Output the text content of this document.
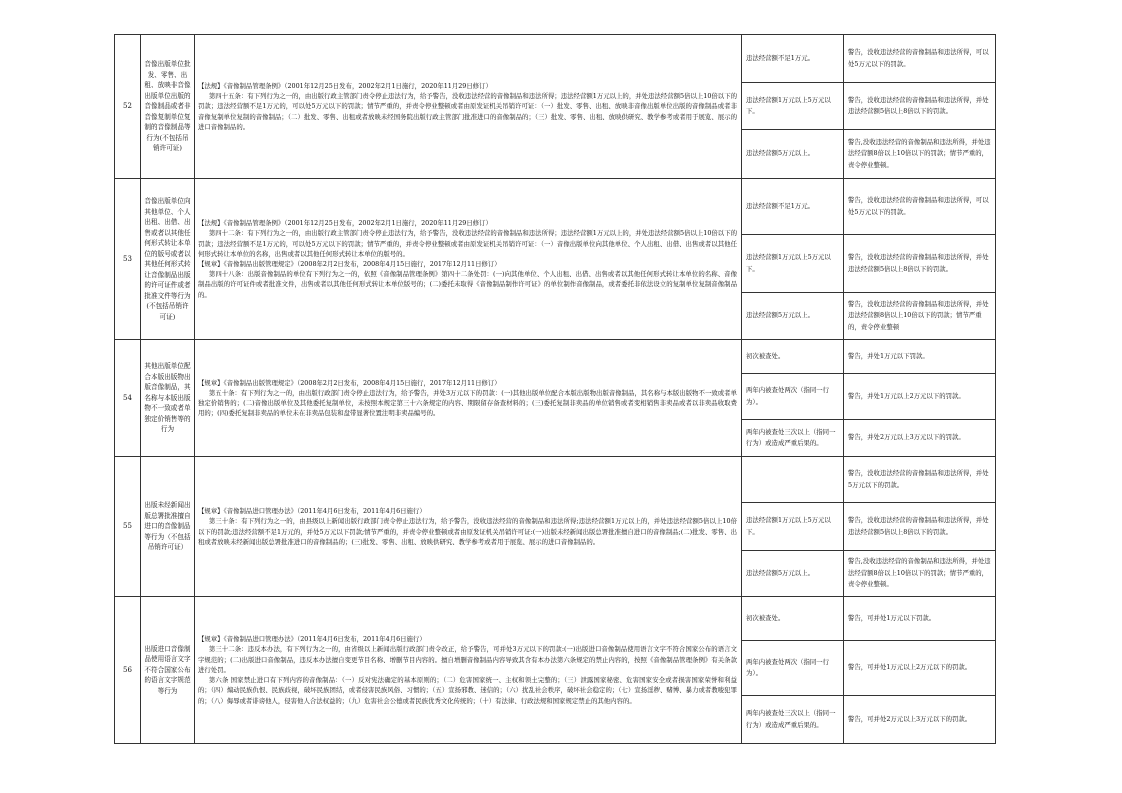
52	音像出版单位批发、零售、出租、放映非音像出版单位出版的音像制品或者非音像复制单位复制的音像制品等行为(不包括吊销许可证)	【法规】《音像制品管理条例》（2001年12月25日发布，2002年2月1日施行，2020年11月29日修订）

第四十五条：有下列行为之一的，由出版行政主管部门责令停止违法行为，给予警告，没收违法经营的音像制品和违法所得；违法经营额1万元以上的，并处违法经营额5倍以上10倍以下的罚款；违法经营额不足1万元的，可以处5万元以下的罚款；情节严重的，并责令停业整顿或者由原发证机关吊销许可证：（一）批发、零售、出租、放映非音像出版单位出版的音像制品或者非音像复制单位复制的音像制品；（二）批发、零售、出租或者放映未经国务院出版行政主管部门批准进口的音像制品的；（三）批发、零售、出租、放映供研究、教学参考或者用于展览、展示的进口音像制品的。	违法经营额不足1万元。	警告，没收违法经营的音像制品和违法所得，可以处5万元以下的罚款。
			违法经营额1万元以上5万元以下。	警告，没收违法经营的音像制品和违法所得，并处违法经营额5倍以上8倍以下的罚款。
			违法经营额5万元以上。	警告,没收违法经营的音像制品和违法所得，并处违法经营额8倍以上10倍以下的罚款；情节严重的，责令停业整顿。
53	音像出版单位向其他单位、个人出租、出借、出售或者以其他任何形式转让本单位的版号或者以其他任何形式转让音像制品出版的许可证件或者批准文件等行为(不包括吊销许可证)	【法规】《音像制品管理条例》（2001年12月25日发布，2002年2月1日施行，2020年11月29日修订）

第四十二条：有下列行为之一的，由出版行政主管部门责令停止违法行为，给予警告，没收违法经营的音像制品和违法所得；违法经营额1万元以上的，并处违法经营额5倍以上10倍以下的罚款；违法经营额不足1万元的，可以处5万元以下的罚款；情节严重的，并责令停业整顿或者由原发证机关吊销许可证：（一）音像出版单位向其他单位、个人出租、出借、出售或者以其他任何形式转让本单位的名称，出售或者以其他任何形式转让本单位的版号的。

【规章】《音像制品出版管理规定》（2008年2月2日发布，2008年4月15日施行，2017年12月11日修订）

第四十八条：出版音像制品的单位有下列行为之一的，依照《音像制品管理条例》第四十二条处罚：(一)向其他单位、个人出租、出借、出售或者以其他任何形式转让本单位的名称、音像制品出版的许可证件或者批准文件，出售或者以其他任何形式转让本单位版号的；(二)委托未取得《音像制品制作许可证》的单位制作音像制品，或者委托非依法设立的复制单位复制音像制品的。	违法经营额不足1万元。	警告，没收违法经营的音像制品和违法所得，可以处5万元以下的罚款。
			违法经营额1万元以上5万元以下。	警告，没收违法经营的音像制品和违法所得，并处违法经营额5倍以上8倍以下的罚款。
			违法经营额5万元以上。	警告，没收违法经营的音像制品和违法所得，并处违法经营额8倍以上10倍以下的罚款；情节严重的，责令停业整顿
54	其他出版单位配合本版出版物出版音像制品，其名称与本版出版物不一致或者单独定价销售等的行为	【规章】《音像制品出版管理规定》（2008年2月2日发布，2008年4月15日施行，2017年12月11日修订）

第五十条：有下列行为之一的，由出版行政部门责令停止违法行为，给予警告，并处3万元以下的罚款：(一)其他出版单位配合本版出版物出版音像制品，其名称与本版出版物不一致或者单独定价销售的；(二)音像出版单位及其他委托复制单位，未按照本规定第三十六条规定的内容、期限留存备查材料的；(三)委托复制非卖品的单位销售或者变相销售非卖品或者以非卖品收取费用的；(四)委托复制非卖品的单位未在非卖品包装和盘带显著位置注明非卖品编号的。	初次被查处。	警告，并处1万元以下罚款。
			两年内被查处两次（指同一行为）。	警告，并处1万元以上2万元以下的罚款。
			两年内被查处三次以上（指同一行为）或造成严重后果的。	警告，并处2万元以上3万元以下的罚款。
55	出版未经新闻出版总署批准擅自进口的音像制品等行为（不包括吊销许可证）	【规章】《音像制品进口管理办法》（2011年4月6日发布，2011年4月6日施行）

第三十条：有下列行为之一的，由县级以上新闻出版行政部门责令停止违法行为，给予警告，没收违法经营的音像制品和违法所得;违法经营额1万元以上的，并处违法经营额5倍以上10倍以下的罚款;违法经营额不足1万元的，并处5万元以下罚款;情节严重的，并责令停业整顿或者由原发证机关吊销许可证:(一)出版未经新闻出版总署批准擅自进口的音像制品;(二)批发、零售、出租或者放映未经新闻出版总署批准进口的音像制品的；(三)批发、零售、出租、放映供研究、教学参考或者用于展览、展示的进口音像制品的。		警告，没收违法经营的音像制品和违法所得，并处5万元以下的罚款。
			违法经营额1万元以上5万元以下。	警告，没收违法经营的音像制品和违法所得，并处违法经营额5倍以上8倍以下的罚款。
			违法经营额5万元以上。	警告,没收违法经营的音像制品和违法所得，并处违法经营额8倍以上10倍以下的罚款；情节严重的，责令停业整顿。
56	出版进口音像制品使用语言文字不符合国家公布的语言文字规范等行为	【规章】《音像制品进口管理办法》（2011年4月6日发布，2011年4月6日施行）

第三十二条：违反本办法，有下列行为之一的，由省级以上新闻出版行政部门责令改正，给予警告，可并处3万元以下的罚款:(一)出版进口音像制品使用语言文字不符合国家公布的语言文字规范的；(二)出版进口音像制品，违反本办法擅自变更节目名称、增删节目内容的。擅自增删音像制品内容导致其含有本办法第六条规定的禁止内容的，按照《音像制品管理条例》有关条款进行处罚。

第六条 国家禁止进口有下列内容的音像制品：（一）反对宪法确定的基本原则的；（二）危害国家统一、主权和领土完整的；（三）泄露国家秘密、危害国家安全或者损害国家荣誉和利益的；（四）煽动民族仇恨、民族歧视，破坏民族团结，或者侵害民族风俗、习惯的；（五）宣扬邪教、迷信的；（六）扰乱社会秩序，破坏社会稳定的；（七）宣扬淫秽、赌博、暴力或者教唆犯罪的；（八）侮辱或者诽谤他人，侵害他人合法权益的；（九）危害社会公德或者民族优秀文化传统的；（十）有法律、行政法规和国家规定禁止的其他内容的。	初次被查处。	警告，可并处1万元以下罚款。
			两年内被查处两次（指同一行为）。	警告，可并处1万元以上2万元以下的罚款。
			两年内被查处三次以上（指同一行为）或造成严重后果的。	警告，可并处2万元以上3万元以下的罚款。
